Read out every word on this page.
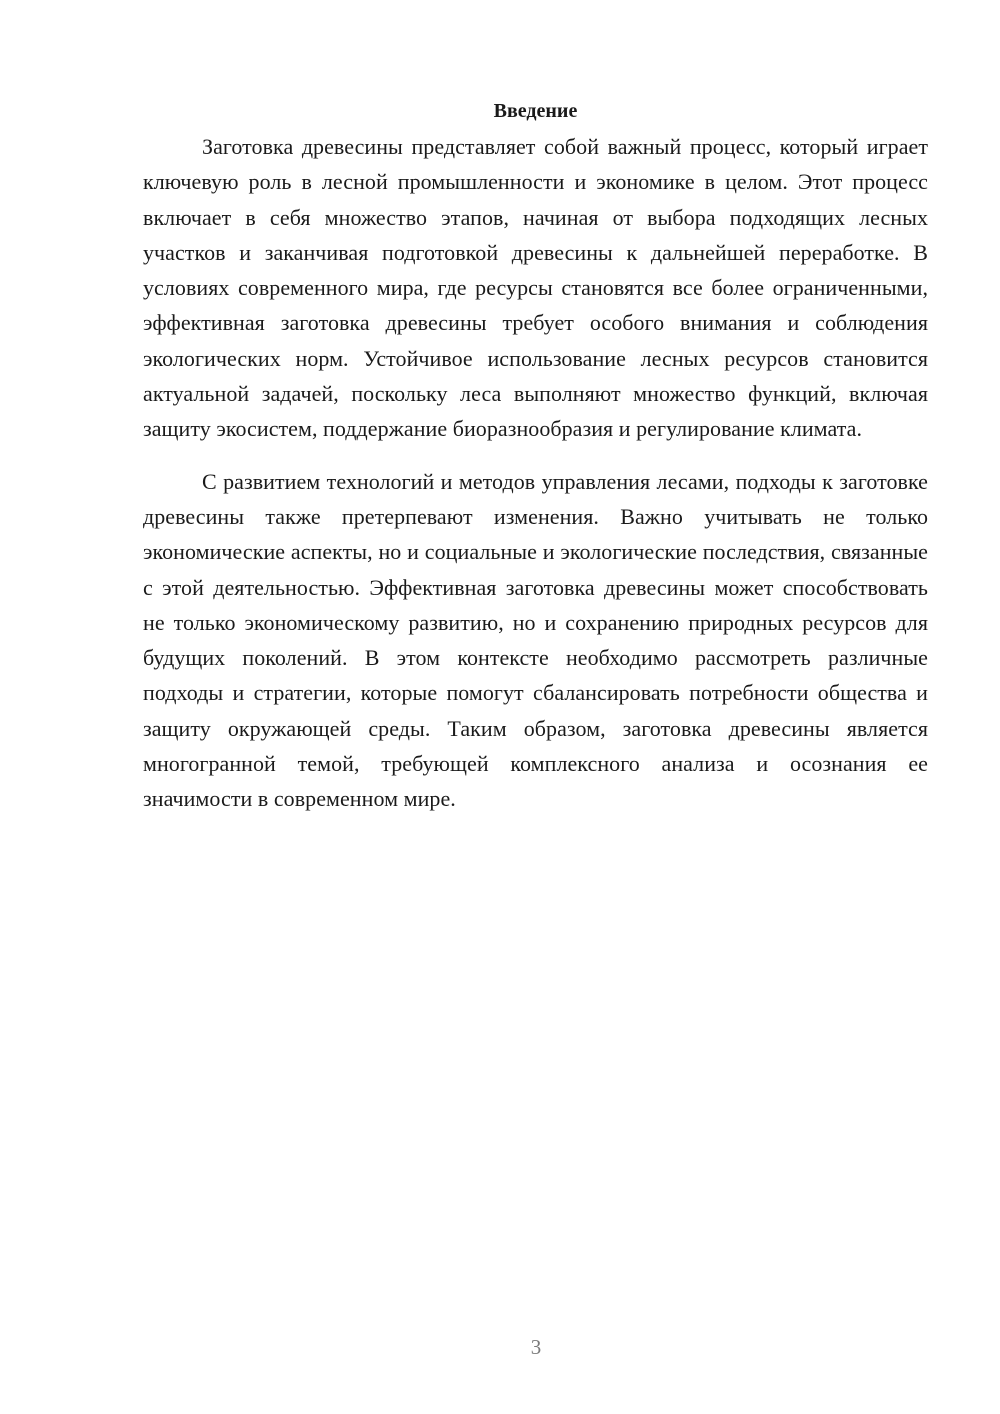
Введение

Заготовка древесины представляет собой важный процесс, который играет ключевую роль в лесной промышленности и экономике в целом. Этот процесс включает в себя множество этапов, начиная от выбора подходящих лесных участков и заканчивая подготовкой древесины к дальнейшей переработке. В условиях современного мира, где ресурсы становятся все более ограниченными, эффективная заготовка древесины требует особого внимания и соблюдения экологических норм. Устойчивое использование лесных ресурсов становится актуальной задачей, поскольку леса выполняют множество функций, включая защиту экосистем, поддержание биоразнообразия и регулирование климата.

С развитием технологий и методов управления лесами, подходы к заготовке древесины также претерпевают изменения. Важно учитывать не только экономические аспекты, но и социальные и экологические последствия, связанные с этой деятельностью. Эффективная заготовка древесины может способствовать не только экономическому развитию, но и сохранению природных ресурсов для будущих поколений. В этом контексте необходимо рассмотреть различные подходы и стратегии, которые помогут сбалансировать потребности общества и защиту окружающей среды. Таким образом, заготовка древесины является многогранной темой, требующей комплексного анализа и осознания ее значимости в современном мире.

3
